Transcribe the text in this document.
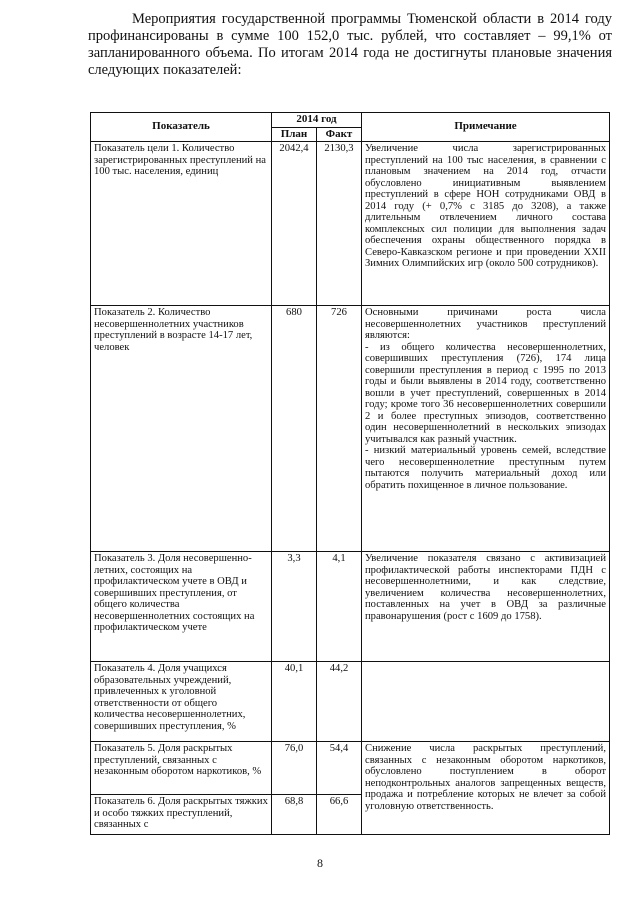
Мероприятия государственной программы Тюменской области в 2014 году профинансированы в сумме 100 152,0 тыс. рублей, что составляет – 99,1% от запланированного объема. По итогам 2014 года не достигнуты плановые значения следующих показателей:

Показатель	2014 год		Примечание
	План	Факт	
Показатель цели 1. Количество зарегистрированных преступлений на 100 тыс. населения, единиц	2042,4	2130,3	Увеличение числа зарегистрированных преступлений на 100 тыс населения, в сравнении с плановым значением на 2014 год, отчасти обусловлено инициативным выявлением преступлений в сфере НОН сотрудниками ОВД в 2014 году (+ 0,7% с 3185 до 3208), а также длительным отвлечением личного состава комплексных сил полиции для выполнения задач обеспечения охраны общественного порядка в Северо-Кавказском регионе и при проведении XXII Зимних Олимпийских игр (около 500 сотрудников).

Показатель 2. Количество несовершеннолетних участников преступлений в возрасте 14-17 лет, человек	680	726	Основными причинами роста числа несовершеннолетних участников преступлений являются:

- из общего количества несовершеннолетних, совершивших преступления (726), 174 лица совершили преступления в период с 1995 по 2013 годы и были выявлены в 2014 году, соответственно вошли в учет преступлений, совершенных в 2014 году; кроме того 36 несовершеннолетних совершили 2 и более преступных эпизодов, соответственно один несовершеннолетний в нескольких эпизодах учитывался как разный участник.

- низкий материальный уровень семей, вследствие чего несовершеннолетние преступным путем пытаются получить материальный доход или обратить похищенное в личное пользование.

Показатель 3. Доля несовершенно-летних, состоящих на профилактическом учете в ОВД и совершивших преступления, от общего количества несовершеннолетних состоящих на профилактическом учете	3,3	4,1	Увеличение показателя связано с активизацией профилактической работы инспекторами ПДН с несовершеннолетними, и как следствие, увеличением количества несовершеннолетних, поставленных на учет в ОВД за различные правонарушения (рост с 1609 до 1758).

Показатель 4. Доля учащихся образовательных учреждений, привлеченных к уголовной ответственности от общего количества несовершеннолетних, совершивших преступления, %	40,1	44,2	
Показатель 5. Доля раскрытых преступлений, связанных с незаконным оборотом наркотиков, %	76,0	54,4	Снижение числа раскрытых преступлений, связанных с незаконным оборотом наркотиков, обусловлено поступлением в оборот неподконтрольных аналогов запрещенных веществ, продажа и потребление которых не влечет за собой уголовную ответственность.

Показатель 6. Доля раскрытых тяжких и особо тяжких преступлений, связанных с	68,8	66,6	
8
